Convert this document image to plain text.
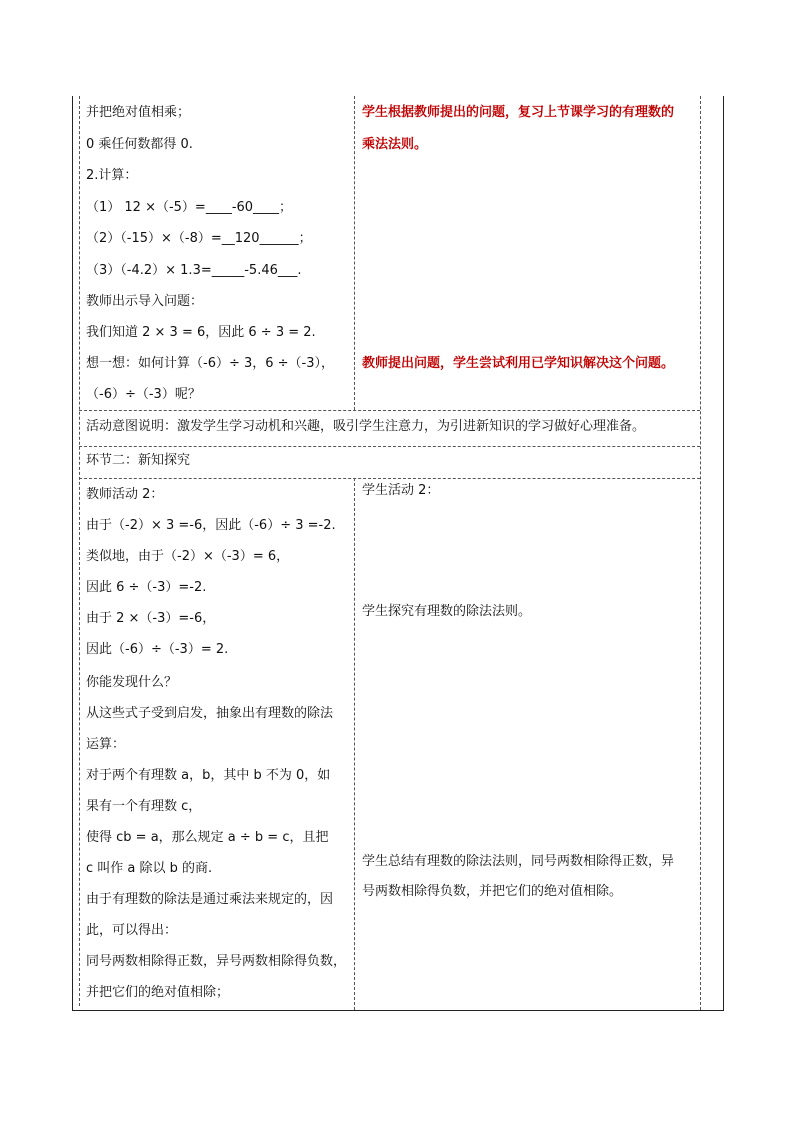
并把绝对值相乘；
0 乘任何数都得 0.
2.计算：
（1） 12 ×（-5）=____-60____；
（2）（-15）×（-8）=__120______；
（3）（-4.2）× 1.3=_____-5.46___.
教师出示导入问题：
我们知道 2 × 3 = 6，因此 6 ÷ 3 = 2.
想一想：如何计算（-6）÷ 3，6 ÷（-3），
（-6）÷（-3）呢？
学生根据教师提出的问题，复习上节课学习的有理数的
乘法法则。
教师提出问题，学生尝试利用已学知识解决这个问题。
活动意图说明：激发学生学习动机和兴趣，吸引学生注意力，为引进新知识的学习做好心理准备。
环节二：新知探究
教师活动 2：
由于（-2）× 3 =-6，因此（-6）÷ 3 =-2.
类似地，由于（-2）×（-3）= 6，
因此 6 ÷（-3）=-2.
由于 2 ×（-3）=-6，
因此（-6）÷（-3）= 2.
你能发现什么？
从这些式子受到启发，抽象出有理数的除法
运算：
对于两个有理数 a，b，其中 b 不为 0，如
果有一个有理数 c，
使得 cb = a，那么规定 a ÷ b = c，且把
c 叫作 a 除以 b 的商.
由于有理数的除法是通过乘法来规定的，因
此，可以得出：
同号两数相除得正数，异号两数相除得负数，
并把它们的绝对值相除；
学生活动 2：
学生探究有理数的除法法则。
学生总结有理数的除法法则，同号两数相除得正数，异
号两数相除得负数，并把它们的绝对值相除。
